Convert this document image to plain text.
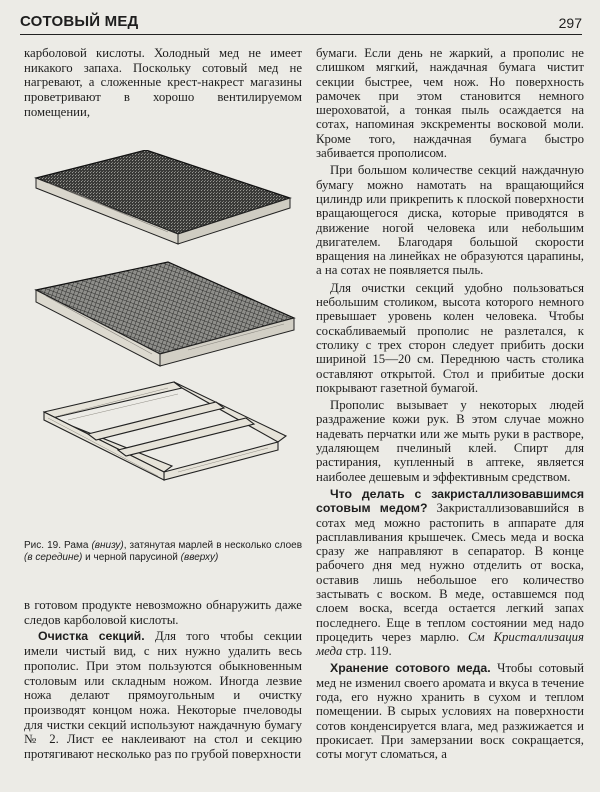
СОТОВЫЙ МЕД	297

карболовой кислоты. Холодный мед не имеет никакого запаха. Поскольку сотовый мед не нагревают, а сложенные крест-накрест магазины проветривают в хорошо вентилируемом помещении,

Рис. 19. Рама (внизу), затянутая марлей в несколько слоев (в середине) и черной парусиной (вверху)

в готовом продукте невозможно обнаружить даже следов карболовой кислоты.

Очистка секций. Для того чтобы секции имели чистый вид, с них нужно удалить весь прополис. При этом пользуются обыкновенным столовым или складным ножом. Иногда лезвие ножа делают прямоугольным и очистку производят концом ножа. Некоторые пчеловоды для чистки секций используют наждачную бумагу № 2. Лист ее наклеивают на стол и секцию протягивают несколько раз по грубой поверхности

бумаги. Если день не жаркий, а прополис не слишком мягкий, наждачная бумага чистит секции быстрее, чем нож. Но поверхность рамочек при этом становится немного шероховатой, а тонкая пыль осаждается на сотах, напоминая экскременты восковой моли. Кроме того, наждачная бумага быстро забивается прополисом.

При большом количестве секций наждачную бумагу можно намотать на вращающийся цилиндр или прикрепить к плоской поверхности вращающегося диска, которые приводятся в движение ногой человека или небольшим двигателем. Благодаря большой скорости вращения на линейках не образуются царапины, а на сотах не появляется пыль.

Для очистки секций удобно пользоваться небольшим столиком, высота которого немного превышает уровень колен человека. Чтобы соскабливаемый прополис не разлетался, к столику с трех сторон следует прибить доски шириной 15—20 см. Переднюю часть столика оставляют открытой. Стол и прибитые доски покрывают газетной бумагой.

Прополис вызывает у некоторых людей раздражение кожи рук. В этом случае можно надевать перчатки или же мыть руки в растворе, удаляющем пчелиный клей. Спирт для растирания, купленный в аптеке, является наиболее дешевым и эффективным средством.

Что делать с закристаллизовавшимся сотовым медом? Закристаллизовавшийся в сотах мед можно растопить в аппарате для расплавливания крышечек. Смесь меда и воска сразу же направляют в сепаратор. В конце рабочего дня мед нужно отделить от воска, оставив лишь небольшое его количество застывать с воском. В меде, оставшемся под слоем воска, всегда остается легкий запах последнего. Еще в теплом состоянии мед надо процедить через марлю. См Кристаллизация меда стр. 119.

Хранение сотового меда. Чтобы сотовый мед не изменил своего аромата и вкуса в течение года, его нужно хранить в сухом и теплом помещении. В сырых условиях на поверхности сотов конденсируется влага, мед разжижается и прокисает. При замерзании воск сокращается, соты могут сломаться, а
